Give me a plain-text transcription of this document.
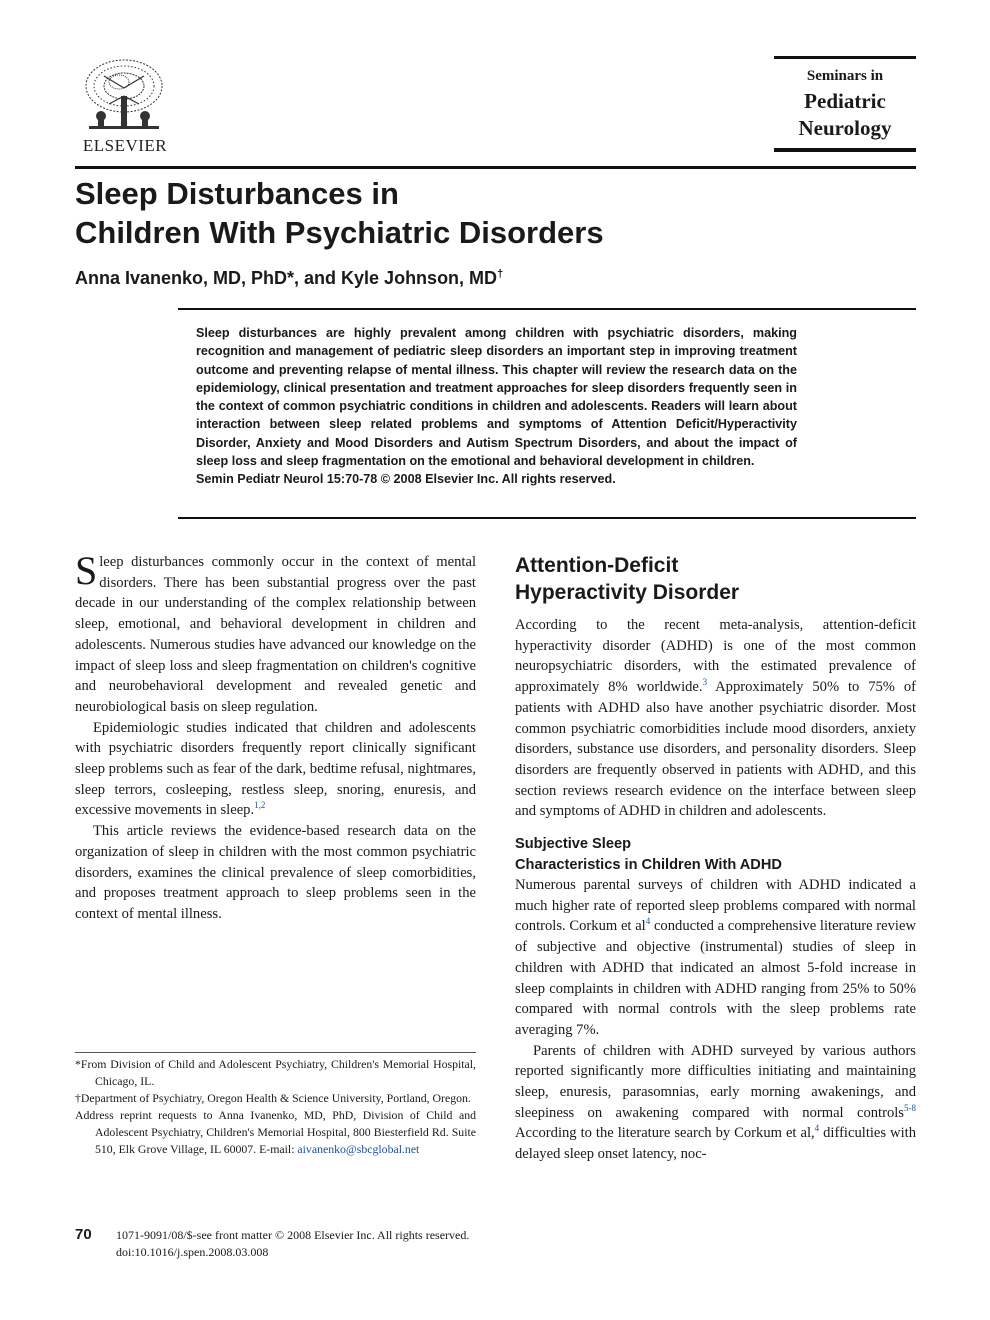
ELSEVIER
Seminars in
Pediatric
Neurology
Sleep Disturbances in
Children With Psychiatric Disorders
Anna Ivanenko, MD, PhD*, and Kyle Johnson, MD†
Sleep disturbances are highly prevalent among children with psychiatric disorders, making recognition and management of pediatric sleep disorders an important step in improving treatment outcome and preventing relapse of mental illness. This chapter will review the research data on the epidemiology, clinical presentation and treatment approaches for sleep disorders frequently seen in the context of common psychiatric conditions in children and adolescents. Readers will learn about interaction between sleep related problems and symptoms of Attention Deficit/Hyperactivity Disorder, Anxiety and Mood Disorders and Autism Spectrum Disorders, and about the impact of sleep loss and sleep fragmentation on the emotional and behavioral development in children.
Semin Pediatr Neurol 15:70-78 © 2008 Elsevier Inc. All rights reserved.

Sleep disturbances commonly occur in the context of mental disorders. There has been substantial progress over the past decade in our understanding of the complex relationship between sleep, emotional, and behavioral development in children and adolescents. Numerous studies have advanced our knowledge on the impact of sleep loss and sleep fragmentation on children's cognitive and neurobehavioral development and revealed genetic and neurobiological basis on sleep regulation.

Epidemiologic studies indicated that children and adolescents with psychiatric disorders frequently report clinically significant sleep problems such as fear of the dark, bedtime refusal, nightmares, sleep terrors, cosleeping, restless sleep, snoring, enuresis, and excessive movements in sleep.$^{1,2}$

This article reviews the evidence-based research data on the organization of sleep in children with the most common psychiatric disorders, examines the clinical prevalence of sleep comorbidities, and proposes treatment approach to sleep problems seen in the context of mental illness.

Attention-Deficit
Hyperactivity Disorder

According to the recent meta-analysis, attention-deficit hyperactivity disorder (ADHD) is one of the most common neuropsychiatric disorders, with the estimated prevalence of approximately 8% worldwide.$^3$ Approximately 50% to 75% of patients with ADHD also have another psychiatric disorder. Most common psychiatric comorbidities include mood disorders, anxiety disorders, substance use disorders, and personality disorders. Sleep disorders are frequently observed in patients with ADHD, and this section reviews research evidence on the interface between sleep and symptoms of ADHD in children and adolescents.

Subjective Sleep
Characteristics in Children With ADHD

Numerous parental surveys of children with ADHD indicated a much higher rate of reported sleep problems compared with normal controls. Corkum et al$^4$ conducted a comprehensive literature review of subjective and objective (instrumental) studies of sleep in children with ADHD that indicated an almost 5-fold increase in sleep complaints in children with ADHD ranging from 25% to 50% compared with normal controls with the sleep problems rate averaging 7%.

Parents of children with ADHD surveyed by various authors reported significantly more difficulties initiating and maintaining sleep, enuresis, parasomnias, early morning awakenings, and sleepiness on awakening compared with normal controls$^{5-8}$ According to the literature search by Corkum et al,$^4$ difficulties with delayed sleep onset latency, noc-

*From Division of Child and Adolescent Psychiatry, Children's Memorial Hospital, Chicago, IL.

†Department of Psychiatry, Oregon Health & Science University, Portland, Oregon.

Address reprint requests to Anna Ivanenko, MD, PhD, Division of Child and Adolescent Psychiatry, Children's Memorial Hospital, 800 Biesterfield Rd. Suite 510, Elk Grove Village, IL 60007. E-mail: aivanenko@sbcglobal.net

70 1071-9091/08/$-see front matter © 2008 Elsevier Inc. All rights reserved.
doi:10.1016/j.spen.2008.03.008
